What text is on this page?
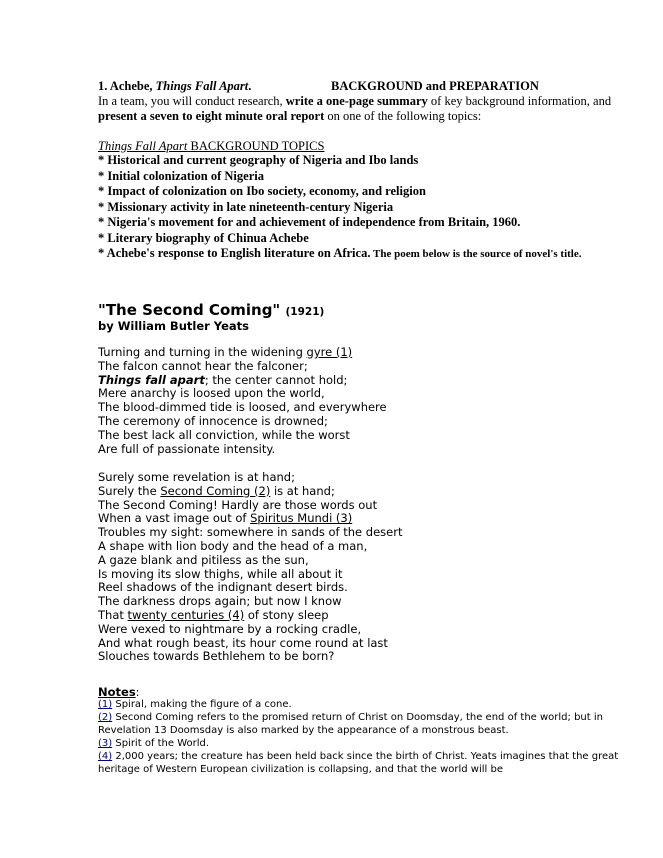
1. Achebe, Things Fall Apart.	BACKGROUND and PREPARATION
In a team, you will conduct research, write a one-page summary of key background information, and present a seven to eight minute oral report on one of the following topics:
Things Fall Apart BACKGROUND TOPICS
* Historical and current geography of Nigeria and Ibo lands
* Initial colonization of Nigeria
* Impact of colonization on Ibo society, economy, and religion
* Missionary activity in late nineteenth-century Nigeria
* Nigeria's movement for and achievement of independence from Britain, 1960.
* Literary biography of Chinua Achebe
* Achebe's response to English literature on Africa. The poem below is the source of novel's title.
"The Second Coming" (1921)
by William Butler Yeats
Turning and turning in the widening gyre (1)
The falcon cannot hear the falconer;
Things fall apart; the center cannot hold;
Mere anarchy is loosed upon the world,
The blood-dimmed tide is loosed, and everywhere
The ceremony of innocence is drowned;
The best lack all conviction, while the worst
Are full of passionate intensity.
Surely some revelation is at hand;
Surely the Second Coming (2) is at hand;
The Second Coming! Hardly are those words out
When a vast image out of Spiritus Mundi (3)
Troubles my sight: somewhere in sands of the desert
A shape with lion body and the head of a man,
A gaze blank and pitiless as the sun,
Is moving its slow thighs, while all about it
Reel shadows of the indignant desert birds.
The darkness drops again; but now I know
That twenty centuries (4) of stony sleep
Were vexed to nightmare by a rocking cradle,
And what rough beast, its hour come round at last
Slouches towards Bethlehem to be born?
Notes:
(1) Spiral, making the figure of a cone.
(2) Second Coming refers to the promised return of Christ on Doomsday, the end of the world; but in Revelation 13 Doomsday is also marked by the appearance of a monstrous beast.
(3) Spirit of the World.
(4) 2,000 years; the creature has been held back since the birth of Christ. Yeats imagines that the great heritage of Western European civilization is collapsing, and that the world will be
